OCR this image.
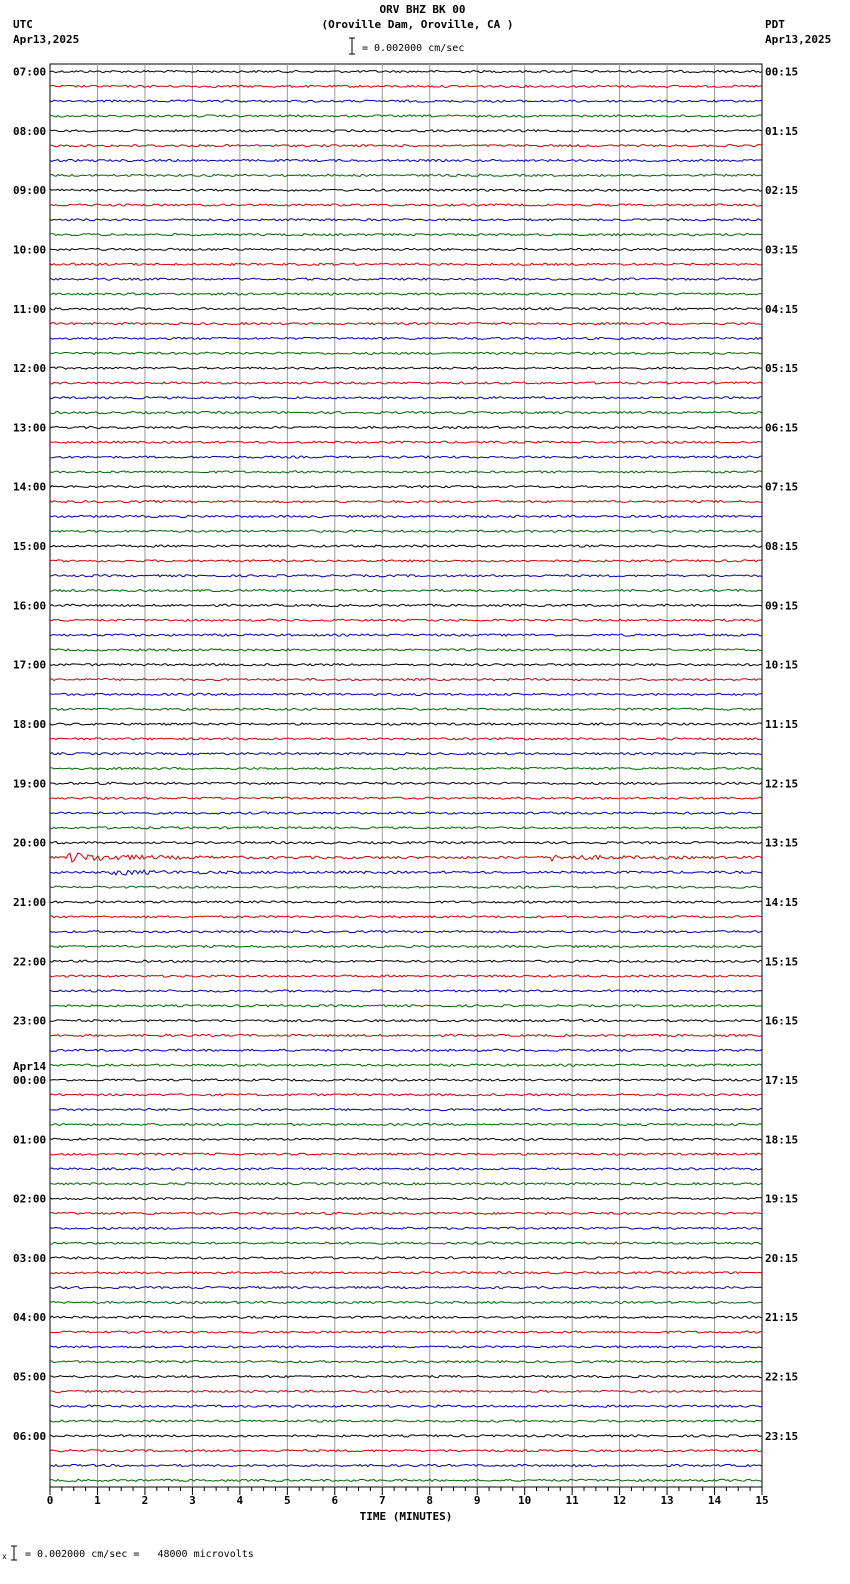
ORV BHZ BK 00
(Oroville Dam, Oroville, CA )
UTC
Apr13,2025
PDT
Apr13,2025
= 0.002000 cm/sec
= 0.002000 cm/sec =   48000 microvolts
x
0	1	2	3	4	5	6	7	8	9	10	11	12	13	14	15
TIME (MINUTES)
07:00	00:15
08:00	01:15
09:00	02:15
10:00	03:15
11:00	04:15
12:00	05:15
13:00	06:15
14:00	07:15
15:00	08:15
16:00	09:15
17:00	10:15
18:00	11:15
19:00	12:15
20:00	13:15
21:00	14:15
22:00	15:15
23:00	16:15
00:00	17:15
Apr14
01:00	18:15
02:00	19:15
03:00	20:15
04:00	21:15
05:00	22:15
06:00	23:15
